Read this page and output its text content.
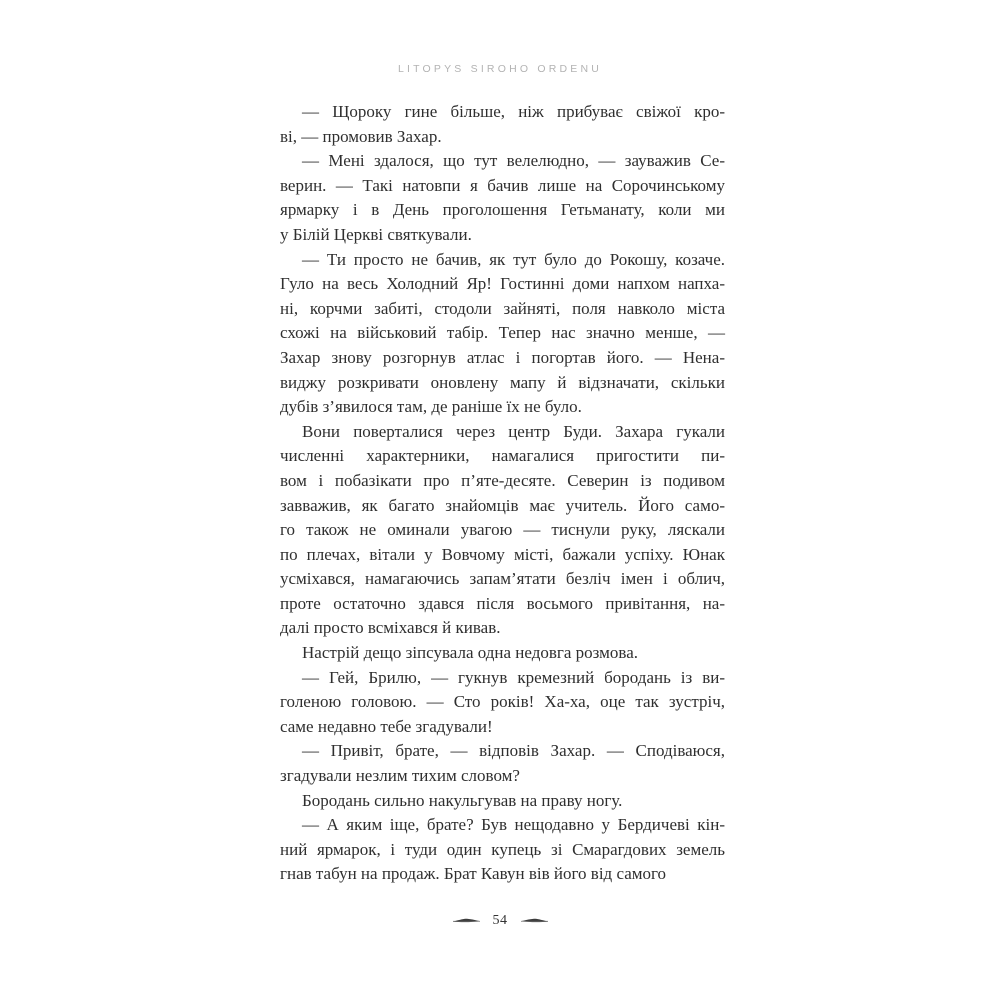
LITOPYS SIROHO ORDENU
— Щороку гине більше, ніж прибуває свіжої кро-
ві, — промовив Захар.
— Мені здалося, що тут велелюдно, — зауважив Се-
верин. — Такі натовпи я бачив лише на Сорочинському
ярмарку і в День проголошення Гетьманату, коли ми
у Білій Церкві святкували.
— Ти просто не бачив, як тут було до Рокошу, козаче.
Гуло на весь Холодний Яр! Гостинні доми напхом напха-
ні, корчми забиті, стодоли зайняті, поля навколо міста
схожі на військовий табір. Тепер нас значно менше, —
Захар знову розгорнув атлас і погортав його. — Нена-
виджу розкривати оновлену мапу й відзначати, скільки
дубів з’явилося там, де раніше їх не було.
Вони поверталися через центр Буди. Захара гукали
численні характерники, намагалися пригостити пи-
вом і побазікати про п’яте-десяте. Северин із подивом
завважив, як багато знайомців має учитель. Його само-
го також не оминали увагою — тиснули руку, ляскали
по плечах, вітали у Вовчому місті, бажали успіху. Юнак
усміхався, намагаючись запам’ятати безліч імен і облич,
проте остаточно здався після восьмого привітання, на-
далі просто всміхався й кивав.
Настрій дещо зіпсувала одна недовга розмова.
— Гей, Брилю, — гукнув кремезний бородань із ви-
голеною головою. — Сто років! Ха-ха, оце так зустріч,
саме недавно тебе згадували!
— Привіт, брате, — відповів Захар. — Сподіваюся,
згадували незлим тихим словом?
Бородань сильно накульгував на праву ногу.
— А яким іще, брате? Був нещодавно у Бердичеві кін-
ний ярмарок, і туди один купець зі Смарагдових земель
гнав табун на продаж. Брат Кавун вів його від самого
54
